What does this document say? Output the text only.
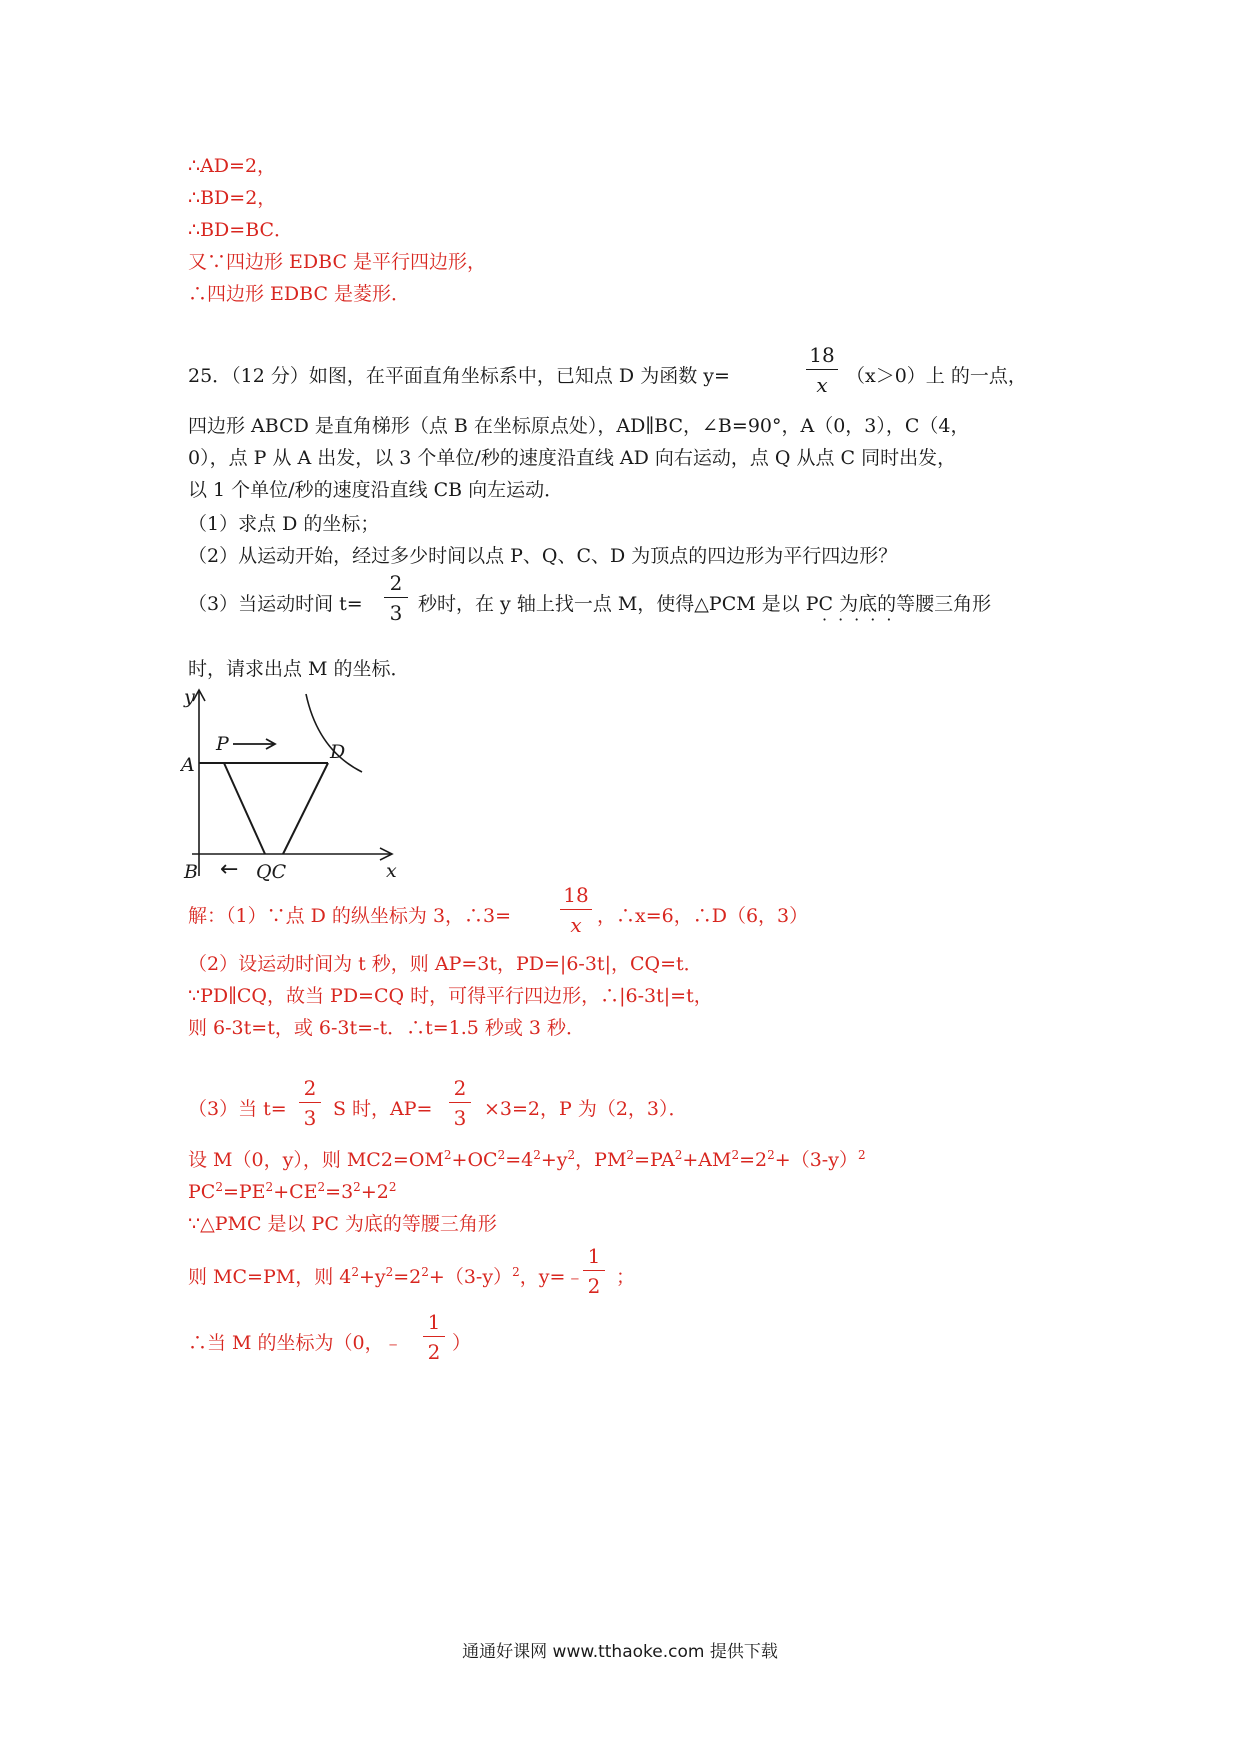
∴AD=2，
∴BD=2，
∴BD=BC．
又∵四边形 EDBC 是平行四边形，
∴四边形 EDBC 是菱形．
25．（12 分）如图，在平面直角坐标系中，已知点 D 为函数 y=
18
x （x＞0）上 的一点，
四边形 ABCD 是直角梯形（点 B 在坐标原点处），AD∥BC，∠B=90°，A（0，3），C（4，
0），点 P 从 A 出发，以 3 个单位/秒的速度沿直线 AD 向右运动，点 Q 从点 C 同时出发，
以 1 个单位/秒的速度沿直线 CB 向左运动．
（1）求点 D 的坐标；
（2）从运动开始，经过多少时间以点 P、Q、C、D 为顶点的四边形为平行四边形？
（3）当运动时间 t=
2
3 秒时，在 y 轴上找一点 M，使得△PCM 是以 PC 为底的等腰三角形
·····
时，请求出点 M 的坐标．
y
A
P	D
B ← QC	x
解：（1）∵点 D 的纵坐标为 3，∴3=
18
x ，∴x=6，∴D（6，3）
（2）设运动时间为 t 秒，则 AP=3t，PD=|6-3t|，CQ=t．
∵PD∥CQ，故当 PD=CQ 时，可得平行四边形，∴|6-3t|=t，
则 6-3t=t，或 6-3t=-t．∴t=1.5 秒或 3 秒．
（3）当 t=
2
3 S 时，AP=
2
3 ×3=2，P 为（2，3）．
设 M（0，y），则 $MC2=OM^2+OC^2=4^2+y^2$，$PM^2=PA^2+AM^2=2^2+(3-y)^2$
$PC^2=PE^2+CE^2=3^2+2^2$
∵△PMC 是以 PC 为底的等腰三角形
则 MC=PM，则 $4^2+y^2=2^2+(3-y)^2$，y=﹣
1
2 ；
∴当 M 的坐标为（0，﹣
1
2 ）
通通好课网 www.tthaoke.com 提供下载
